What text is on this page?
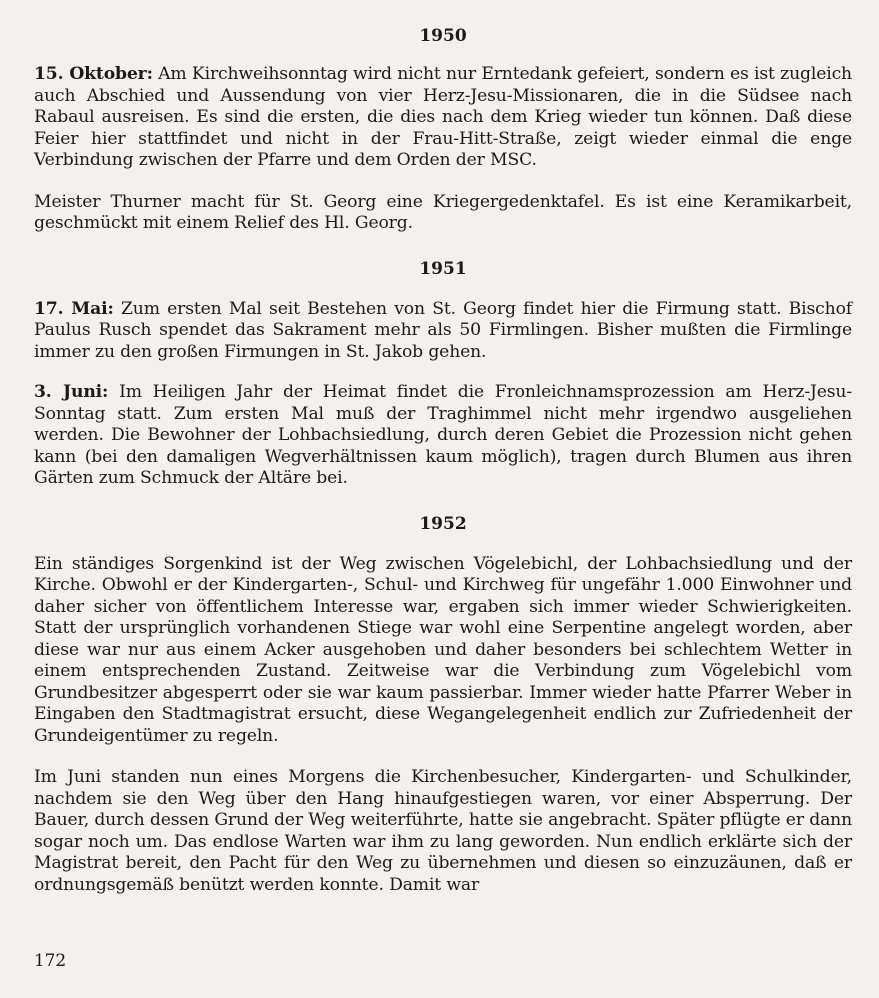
1950

15. Oktober: Am Kirchweihsonntag wird nicht nur Erntedank gefeiert, sondern es ist zugleich auch Abschied und Aussendung von vier Herz-Jesu-Missionaren, die in die Südsee nach Rabaul ausreisen. Es sind die ersten, die dies nach dem Krieg wieder tun können. Daß diese Feier hier stattfindet und nicht in der Frau-Hitt-Straße, zeigt wieder einmal die enge Verbindung zwischen der Pfarre und dem Orden der MSC.

Meister Thurner macht für St. Georg eine Kriegergedenktafel. Es ist eine Keramikarbeit, geschmückt mit einem Relief des Hl. Georg.

1951

17. Mai: Zum ersten Mal seit Bestehen von St. Georg findet hier die Firmung statt. Bischof Paulus Rusch spendet das Sakrament mehr als 50 Firmlingen. Bisher mußten die Firmlinge immer zu den großen Firmungen in St. Jakob gehen.

3. Juni: Im Heiligen Jahr der Heimat findet die Fronleichnamsprozession am Herz-Jesu-Sonntag statt. Zum ersten Mal muß der Traghimmel nicht mehr irgendwo ausgeliehen werden. Die Bewohner der Lohbachsiedlung, durch deren Gebiet die Prozession nicht gehen kann (bei den damaligen Wegverhältnissen kaum möglich), tragen durch Blumen aus ihren Gärten zum Schmuck der Altäre bei.

1952

Ein ständiges Sorgenkind ist der Weg zwischen Vögelebichl, der Lohbachsiedlung und der Kirche. Obwohl er der Kindergarten-, Schul- und Kirchweg für ungefähr 1.000 Einwohner und daher sicher von öffentlichem Interesse war, ergaben sich immer wieder Schwierigkeiten. Statt der ursprünglich vorhandenen Stiege war wohl eine Serpentine angelegt worden, aber diese war nur aus einem Acker ausgehoben und daher besonders bei schlechtem Wetter in einem entsprechenden Zustand. Zeitweise war die Verbindung zum Vögelebichl vom Grundbesitzer abgesperrt oder sie war kaum passierbar. Immer wieder hatte Pfarrer Weber in Eingaben den Stadtmagistrat ersucht, diese Wegangelegenheit endlich zur Zufriedenheit der Grundeigentümer zu regeln.

Im Juni standen nun eines Morgens die Kirchenbesucher, Kindergarten- und Schulkinder, nachdem sie den Weg über den Hang hinaufgestiegen waren, vor einer Absperrung. Der Bauer, durch dessen Grund der Weg weiterführte, hatte sie angebracht. Später pflügte er dann sogar noch um. Das endlose Warten war ihm zu lang geworden. Nun endlich erklärte sich der Magistrat bereit, den Pacht für den Weg zu übernehmen und diesen so einzuzäunen, daß er ordnungsgemäß benützt werden konnte. Damit war

172
